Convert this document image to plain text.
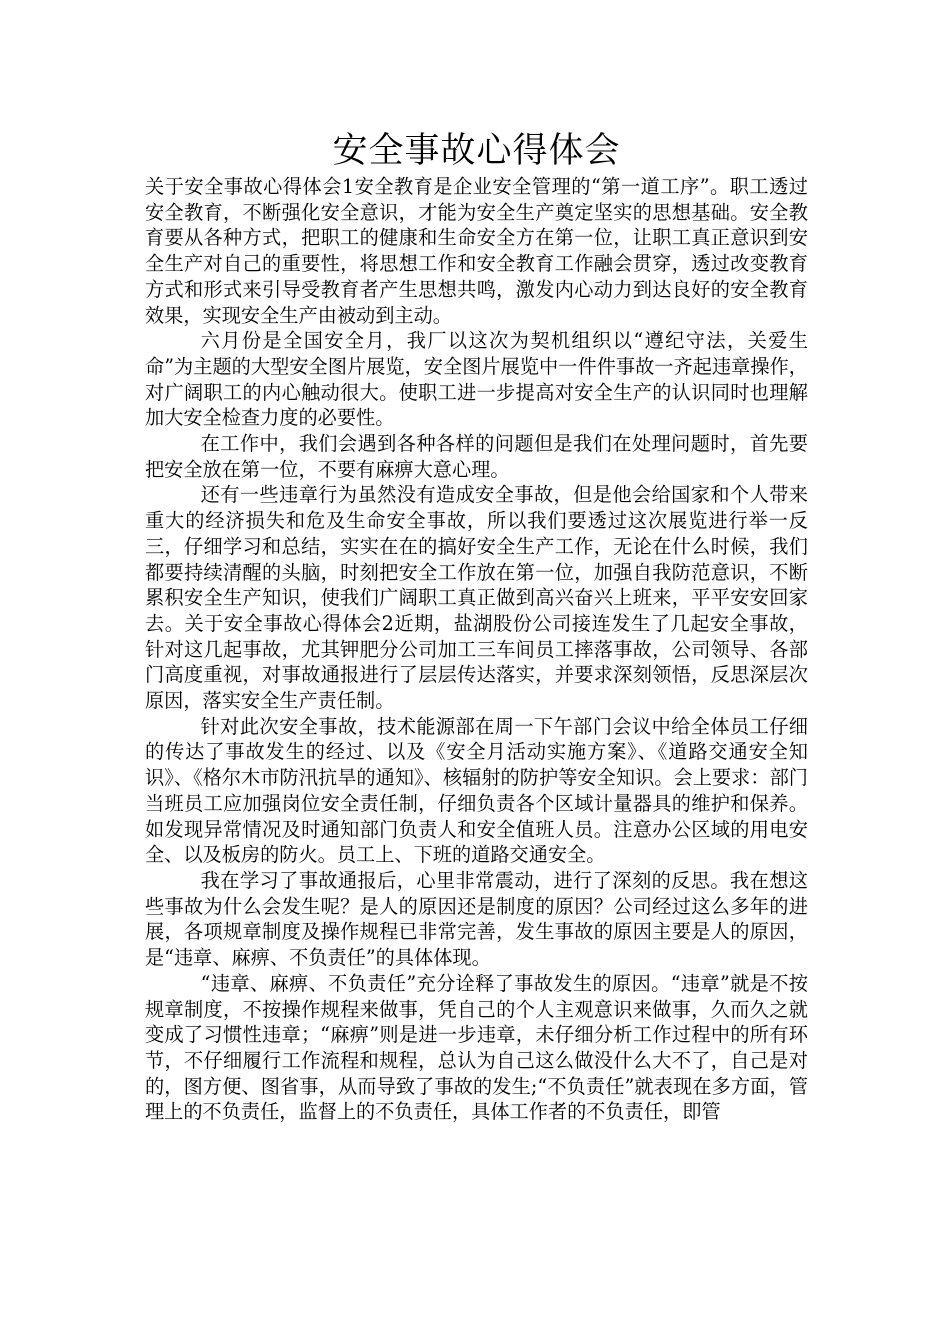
安全事故心得体会

关于安全事故心得体会1安全教育是企业安全管理的“第一道工序”。职工透过安全教育，不断强化安全意识，才能为安全生产奠定坚实的思想基础。安全教育要从各种方式，把职工的健康和生命安全方在第一位，让职工真正意识到安全生产对自己的重要性，将思想工作和安全教育工作融会贯穿，透过改变教育方式和形式来引导受教育者产生思想共鸣，激发内心动力到达良好的安全教育效果，实现安全生产由被动到主动。

六月份是全国安全月，我厂以这次为契机组织以“遵纪守法，关爱生命”为主题的大型安全图片展览，安全图片展览中一件件事故一齐起违章操作，对广阔职工的内心触动很大。使职工进一步提高对安全生产的认识同时也理解加大安全检查力度的必要性。

在工作中，我们会遇到各种各样的问题但是我们在处理问题时，首先要把安全放在第一位，不要有麻痹大意心理。

还有一些违章行为虽然没有造成安全事故，但是他会给国家和个人带来重大的经济损失和危及生命安全事故，所以我们要透过这次展览进行举一反三，仔细学习和总结，实实在在的搞好安全生产工作，无论在什么时候，我们都要持续清醒的头脑，时刻把安全工作放在第一位，加强自我防范意识，不断累积安全生产知识，使我们广阔职工真正做到高兴奋兴上班来，平平安安回家去。关于安全事故心得体会2近期，盐湖股份公司接连发生了几起安全事故，针对这几起事故，尤其钾肥分公司加工三车间员工摔落事故，公司领导、各部门高度重视，对事故通报进行了层层传达落实，并要求深刻领悟，反思深层次原因，落实安全生产责任制。

针对此次安全事故，技术能源部在周一下午部门会议中给全体员工仔细的传达了事故发生的经过、以及《安全月活动实施方案》、《道路交通安全知识》、《格尔木市防汛抗旱的通知》、核辐射的防护等安全知识。会上要求：部门当班员工应加强岗位安全责任制，仔细负责各个区域计量器具的维护和保养。如发现异常情况及时通知部门负责人和安全值班人员。注意办公区域的用电安全、以及板房的防火。员工上、下班的道路交通安全。

我在学习了事故通报后，心里非常震动，进行了深刻的反思。我在想这些事故为什么会发生呢？是人的原因还是制度的原因？公司经过这么多年的进展，各项规章制度及操作规程已非常完善，发生事故的原因主要是人的原因，是“违章、麻痹、不负责任”的具体体现。

“违章、麻痹、不负责任”充分诠释了事故发生的原因。“违章”就是不按规章制度，不按操作规程来做事，凭自己的个人主观意识来做事，久而久之就变成了习惯性违章；“麻痹”则是进一步违章，未仔细分析工作过程中的所有环节，不仔细履行工作流程和规程，总认为自己这么做没什么大不了，自己是对的，图方便、图省事，从而导致了事故的发生;“不负责任”就表现在多方面，管理上的不负责任，监督上的不负责任，具体工作者的不负责任，即管
